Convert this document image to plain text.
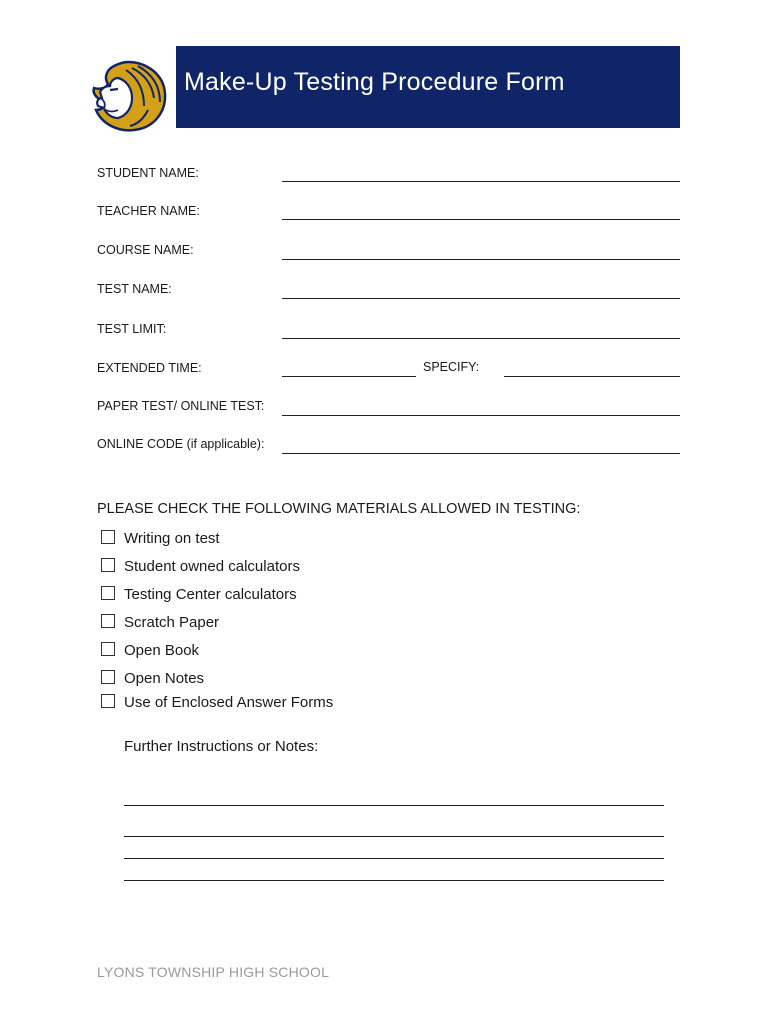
Make-Up Testing Procedure Form
STUDENT NAME:
TEACHER NAME:
COURSE NAME:
TEST NAME:
TEST LIMIT:
EXTENDED TIME:	SPECIFY:
PAPER TEST/ ONLINE TEST:
ONLINE CODE (if applicable):
PLEASE CHECK THE FOLLOWING MATERIALS ALLOWED IN TESTING:
Writing on test
Student owned calculators
Testing Center calculators
Scratch Paper
Open Book
Open Notes
Use of Enclosed Answer Forms
Further Instructions or Notes:
LYONS TOWNSHIP HIGH SCHOOL
